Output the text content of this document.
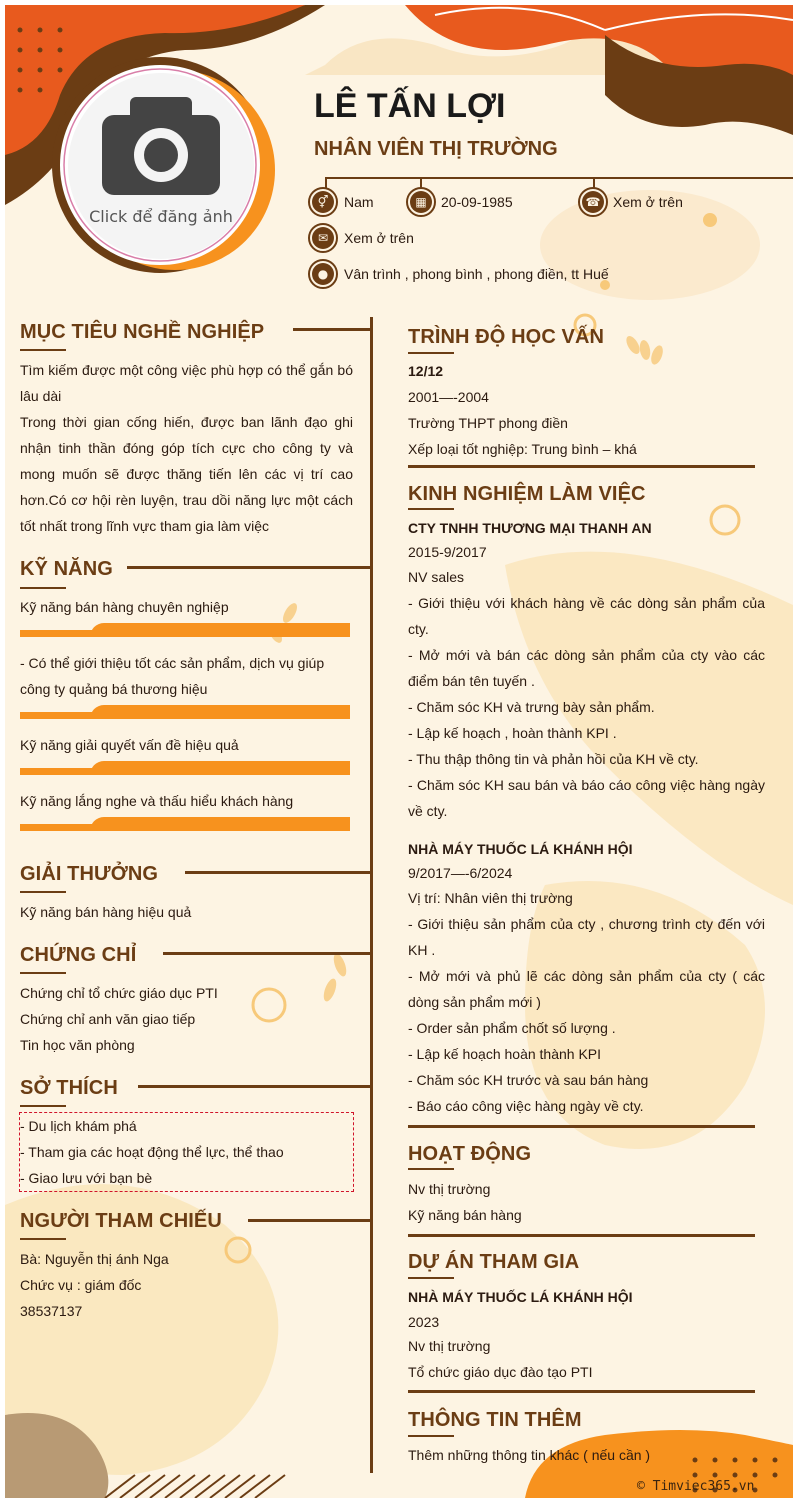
Click để đăng ảnh
LÊ TẤN LỢI
NHÂN VIÊN THỊ TRƯỜNG
⚥	Nam	▦	20-09-1985	☎ Xem ở trên
✉	Xem ở trên
●	Vân trình , phong bình , phong điền, tt Huế
MỤC TIÊU NGHỀ NGHIỆP
Tìm kiếm được một công việc phù hợp có thể gắn bó lâu dài
Trong thời gian cống hiến, được ban lãnh đạo ghi nhận tinh thần đóng góp tích cực cho công ty và mong muốn sẽ được thăng tiến lên các vị trí cao hơn.Có cơ hội rèn luyện, trau dồi năng lực một cách tốt nhất trong lĩnh vực tham gia làm việc
KỸ NĂNG
Kỹ năng bán hàng chuyên nghiệp
- Có thể giới thiệu tốt các sản phẩm, dịch vụ giúp công ty quảng bá thương hiệu
Kỹ năng giải quyết vấn đề hiệu quả
Kỹ năng lắng nghe và thấu hiểu khách hàng
GIẢI THƯỞNG
Kỹ năng bán hàng hiệu quả
CHỨNG CHỈ
Chứng chỉ tổ chức giáo dục PTI
Chứng chỉ anh văn giao tiếp
Tin học văn phòng
SỞ THÍCH
- Du lịch khám phá
- Tham gia các hoạt động thể lực, thể thao
- Giao lưu với bạn bè
NGƯỜI THAM CHIẾU
Bà: Nguyễn thị ánh Nga
Chức vụ : giám đốc
38537137
TRÌNH ĐỘ HỌC VẤN
12/12
2001—-2004
Trường THPT phong điền
Xếp loại tốt nghiệp: Trung bình – khá
KINH NGHIỆM LÀM VIỆC
CTY TNHH THƯƠNG MẠI THANH AN
2015-9/2017
NV sales
- Giới thiệu với khách hàng về các dòng sản phẩm của cty.
- Mở mới và bán các dòng sản phẩm của cty vào các điểm bán tên tuyến .
- Chăm sóc KH và trưng bày sản phẩm.
- Lập kế hoạch , hoàn thành KPI .
- Thu thập thông tin và phản hồi của KH về cty.
- Chăm sóc KH sau bán và báo cáo công việc hàng ngày về cty.
NHÀ MÁY THUỐC LÁ KHÁNH HỘI
9/2017—-6/2024
Vị trí: Nhân viên thị trường
- Giới thiệu sản phẩm của cty , chương trình cty đến với KH .
- Mở mới và phủ lẽ các dòng sản phẩm của cty ( các dòng sản phẩm mới )
- Order sản phẩm chốt số lượng .
- Lập kế hoạch hoàn thành KPI
- Chăm sóc KH trước và sau bán hàng
- Báo cáo công việc hàng ngày về cty.
HOẠT ĐỘNG
Nv thị trường
Kỹ năng bán hàng
DỰ ÁN THAM GIA
NHÀ MÁY THUỐC LÁ KHÁNH HỘI
2023
Nv thị trường
Tổ chức giáo dục đào tạo PTI
THÔNG TIN THÊM
Thêm những thông tin khác ( nếu cần )
© Timviec365.vn
